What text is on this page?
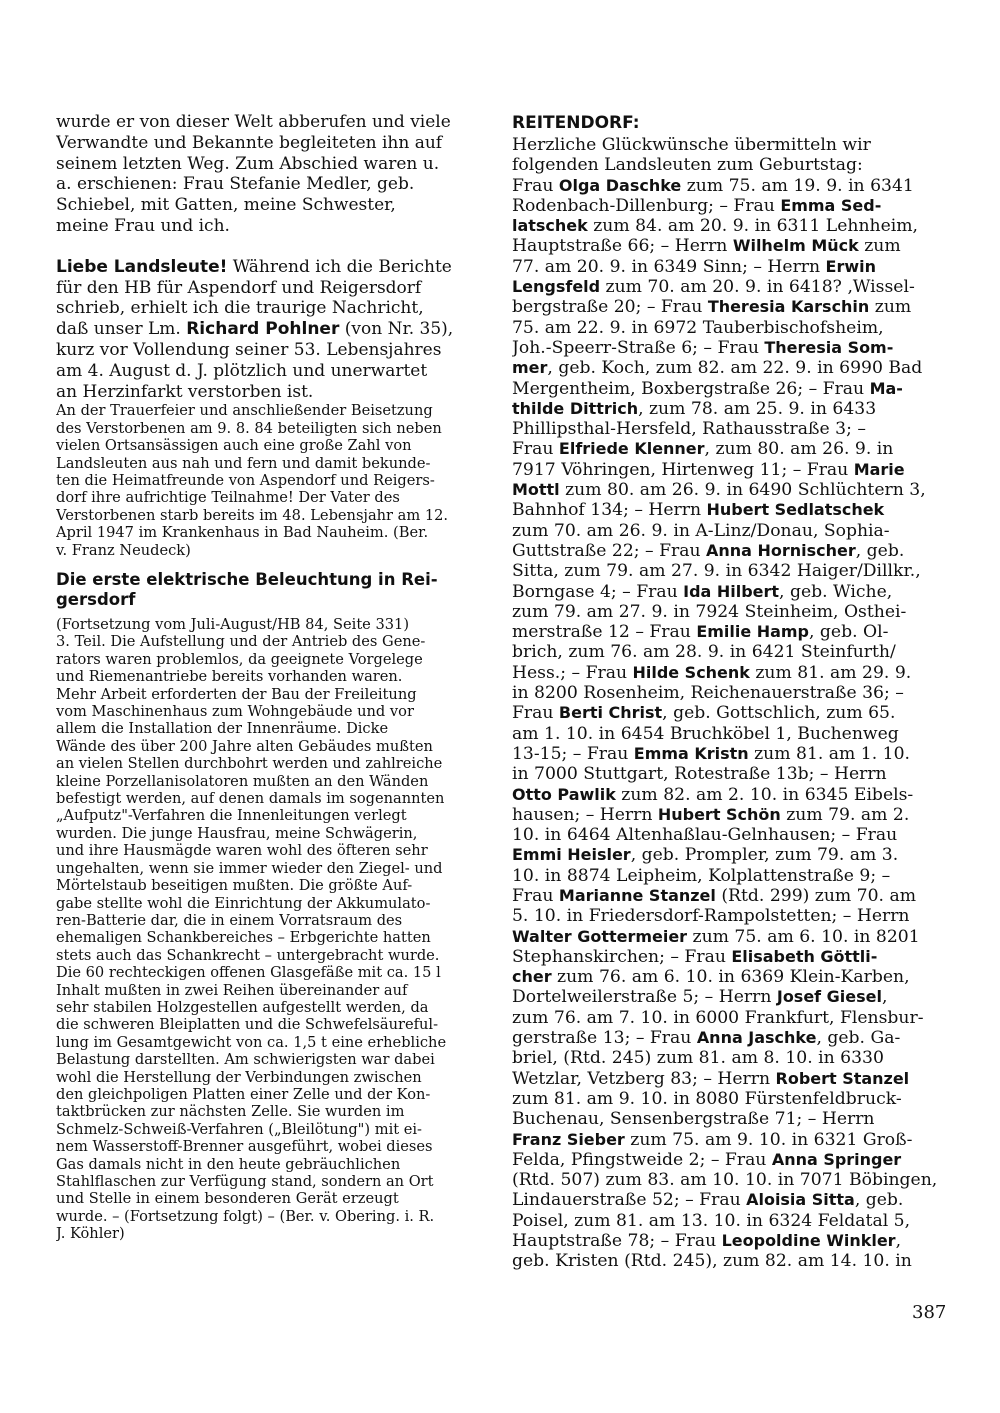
wurde er von dieser Welt abberufen und viele
Verwandte und Bekannte begleiteten ihn auf
seinem letzten Weg. Zum Abschied waren u.
a. erschienen: Frau Stefanie Medler, geb.
Schiebel, mit Gatten, meine Schwester,
meine Frau und ich.
Liebe Landsleute! Während ich die Berichte
für den HB für Aspendorf und Reigersdorf
schrieb, erhielt ich die traurige Nachricht,
daß unser Lm. Richard Pohlner (von Nr. 35),
kurz vor Vollendung seiner 53. Lebensjahres
am 4. August d. J. plötzlich und unerwartet
an Herzinfarkt verstorben ist.
An der Trauerfeier und anschließender Beisetzung
des Verstorbenen am 9. 8. 84 beteiligten sich neben
vielen Ortsansässigen auch eine große Zahl von
Landsleuten aus nah und fern und damit bekunde-
ten die Heimatfreunde von Aspendorf und Reigers-
dorf ihre aufrichtige Teilnahme! Der Vater des
Verstorbenen starb bereits im 48. Lebensjahr am 12.
April 1947 im Krankenhaus in Bad Nauheim. (Ber.
v. Franz Neudeck)
Die erste elektrische Beleuchtung in Rei-
gersdorf
(Fortsetzung vom Juli-August/HB 84, Seite 331)
3. Teil. Die Aufstellung und der Antrieb des Gene-
rators waren problemlos, da geeignete Vorgelege
und Riemenantriebe bereits vorhanden waren.
Mehr Arbeit erforderten der Bau der Freileitung
vom Maschinenhaus zum Wohngebäude und vor
allem die Installation der Innenräume. Dicke
Wände des über 200 Jahre alten Gebäudes mußten
an vielen Stellen durchbohrt werden und zahlreiche
kleine Porzellanisolatoren mußten an den Wänden
befestigt werden, auf denen damals im sogenannten
„Aufputz"-Verfahren die Innenleitungen verlegt
wurden. Die junge Hausfrau, meine Schwägerin,
und ihre Hausmägde waren wohl des öfteren sehr
ungehalten, wenn sie immer wieder den Ziegel- und
Mörtelstaub beseitigen mußten. Die größte Auf-
gabe stellte wohl die Einrichtung der Akkumulato-
ren-Batterie dar, die in einem Vorratsraum des
ehemaligen Schankbereiches – Erbgerichte hatten
stets auch das Schankrecht – untergebracht wurde.
Die 60 rechteckigen offenen Glasgefäße mit ca. 15 l
Inhalt mußten in zwei Reihen übereinander auf
sehr stabilen Holzgestellen aufgestellt werden, da
die schweren Bleiplatten und die Schwefelsäureful-
lung im Gesamtgewicht von ca. 1,5 t eine erhebliche
Belastung darstellten. Am schwierigsten war dabei
wohl die Herstellung der Verbindungen zwischen
den gleichpoligen Platten einer Zelle und der Kon-
taktbrücken zur nächsten Zelle. Sie wurden im
Schmelz-Schweiß-Verfahren („Bleilötung") mit ei-
nem Wasserstoff-Brenner ausgeführt, wobei dieses
Gas damals nicht in den heute gebräuchlichen
Stahlflaschen zur Verfügung stand, sondern an Ort
und Stelle in einem besonderen Gerät erzeugt
wurde. – (Fortsetzung folgt) – (Ber. v. Obering. i. R.
J. Köhler)
REITENDORF:
Herzliche Glückwünsche übermitteln wir
folgenden Landsleuten zum Geburtstag:
Frau Olga Daschke zum 75. am 19. 9. in 6341
Rodenbach-Dillenburg; – Frau Emma Sed-
latschek zum 84. am 20. 9. in 6311 Lehnheim,
Hauptstraße 66; – Herrn Wilhelm Mück zum
77. am 20. 9. in 6349 Sinn; – Herrn Erwin
Lengsfeld zum 70. am 20. 9. in 6418? ‚Wissel-
bergstraße 20; – Frau Theresia Karschin zum
75. am 22. 9. in 6972 Tauberbischofsheim,
Joh.-Speerr-Straße 6; – Frau Theresia Som-
mer, geb. Koch, zum 82. am 22. 9. in 6990 Bad
Mergentheim, Boxbergstraße 26; – Frau Ma-
thilde Dittrich, zum 78. am 25. 9. in 6433
Phillipsthal-Hersfeld, Rathausstraße 3; –
Frau Elfriede Klenner, zum 80. am 26. 9. in
7917 Vöhringen, Hirtenweg 11; – Frau Marie
Mottl zum 80. am 26. 9. in 6490 Schlüchtern 3,
Bahnhof 134; – Herrn Hubert Sedlatschek
zum 70. am 26. 9. in A-Linz/Donau, Sophia-
Guttstraße 22; – Frau Anna Hornischer, geb.
Sitta, zum 79. am 27. 9. in 6342 Haiger/Dillkr.,
Borngase 4; – Frau Ida Hilbert, geb. Wiche,
zum 79. am 27. 9. in 7924 Steinheim, Osthei-
merstraße 12 – Frau Emilie Hamp, geb. Ol-
brich, zum 76. am 28. 9. in 6421 Steinfurth/
Hess.; – Frau Hilde Schenk zum 81. am 29. 9.
in 8200 Rosenheim, Reichenauerstraße 36; –
Frau Berti Christ, geb. Gottschlich, zum 65.
am 1. 10. in 6454 Bruchköbel 1, Buchenweg
13-15; – Frau Emma Kristn zum 81. am 1. 10.
in 7000 Stuttgart, Rotestraße 13b; – Herrn
Otto Pawlik zum 82. am 2. 10. in 6345 Eibels-
hausen; – Herrn Hubert Schön zum 79. am 2.
10. in 6464 Altenhaßlau-Gelnhausen; – Frau
Emmi Heisler, geb. Prompler, zum 79. am 3.
10. in 8874 Leipheim, Kolplattenstraße 9; –
Frau Marianne Stanzel (Rtd. 299) zum 70. am
5. 10. in Friedersdorf-Rampolstetten; – Herrn
Walter Gottermeier zum 75. am 6. 10. in 8201
Stephanskirchen; – Frau Elisabeth Göttli-
cher zum 76. am 6. 10. in 6369 Klein-Karben,
Dortelweilerstraße 5; – Herrn Josef Giesel,
zum 76. am 7. 10. in 6000 Frankfurt, Flensbur-
gerstraße 13; – Frau Anna Jaschke, geb. Ga-
briel, (Rtd. 245) zum 81. am 8. 10. in 6330
Wetzlar, Vetzberg 83; – Herrn Robert Stanzel
zum 81. am 9. 10. in 8080 Fürstenfeldbruck-
Buchenau, Sensenbergstraße 71; – Herrn
Franz Sieber zum 75. am 9. 10. in 6321 Groß-
Felda, Pfingstweide 2; – Frau Anna Springer
(Rtd. 507) zum 83. am 10. 10. in 7071 Böbingen,
Lindauerstraße 52; – Frau Aloisia Sitta, geb.
Poisel, zum 81. am 13. 10. in 6324 Feldatal 5,
Hauptstraße 78; – Frau Leopoldine Winkler,
geb. Kristen (Rtd. 245), zum 82. am 14. 10. in
387
